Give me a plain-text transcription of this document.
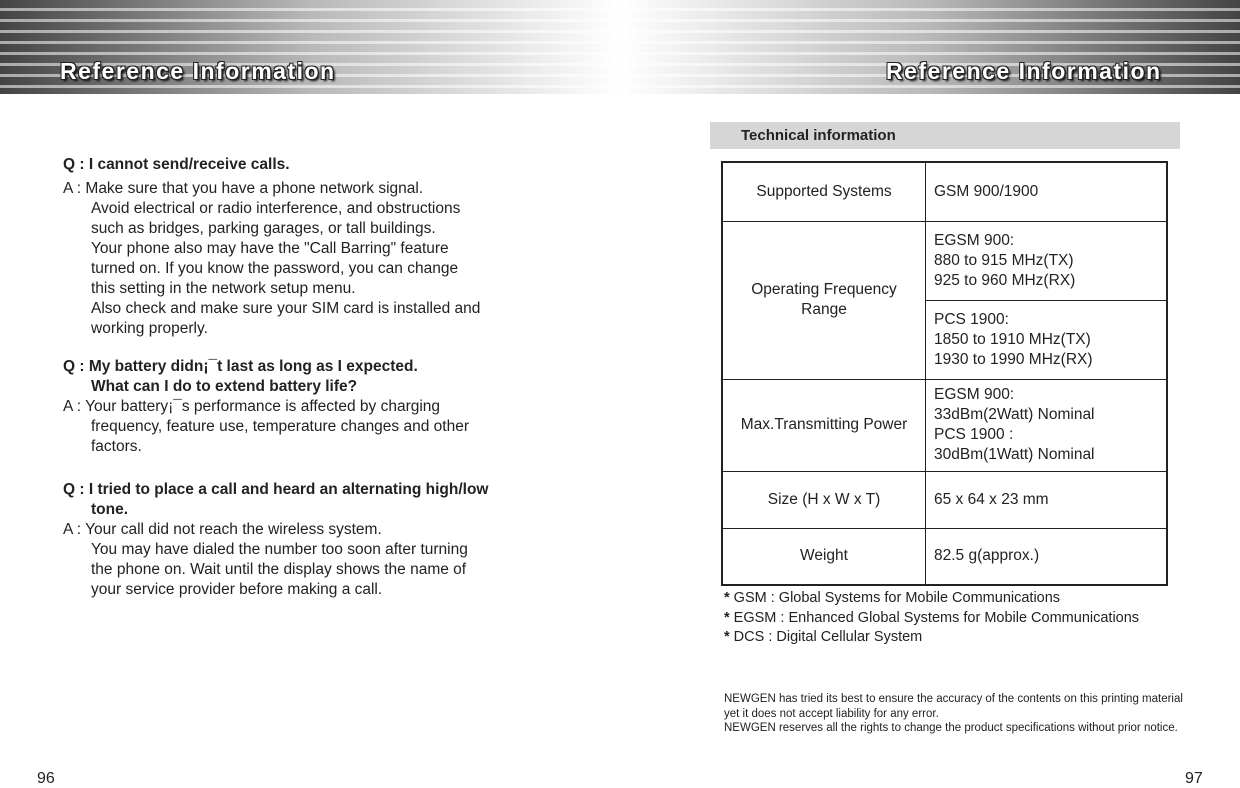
Reference Information	Reference Information
Q : I cannot send/receive calls.
A : Make sure that you have a phone network signal.
Avoid electrical or radio interference, and obstructions
such as bridges, parking garages, or tall buildings.
Your phone also may have the "Call Barring" feature
turned on. If you know the password, you can change
this setting in the network setup menu.
Also check and make sure your SIM card is installed and
working properly.
Q : My battery didn¡¯t last as long as I expected.
What can I do to extend battery life?
A : Your battery¡¯s performance is affected by charging
frequency, feature use, temperature changes and other
factors.
Q : I tried to place a call and heard an alternating high/low
tone.
A : Your call did not reach the wireless system.
You may have dialed the number too soon after turning
the phone on. Wait until the display shows the name of
your service provider before making a call.
Technical information
Supported Systems	GSM 900/1900

Operating Frequency Range	EGSM 900:
880 to 915 MHz(TX)
925 to 960 MHz(RX)

	PCS 1900:
1850 to 1910 MHz(TX)
1930 to 1990 MHz(RX)

Max.Transmitting Power	EGSM 900:
33dBm(2Watt) Nominal
PCS 1900 :
30dBm(1Watt) Nominal

Size (H x W x T)	65 x 64 x 23 mm

Weight	82.5 g(approx.)
* GSM : Global Systems for Mobile Communications
* EGSM : Enhanced Global Systems for Mobile Communications
* DCS : Digital Cellular System
NEWGEN has tried its best to ensure the accuracy of the contents on this printing material yet it does not accept liability for any error.
NEWGEN reserves all the rights to change the product specifications without prior notice.
96	97
